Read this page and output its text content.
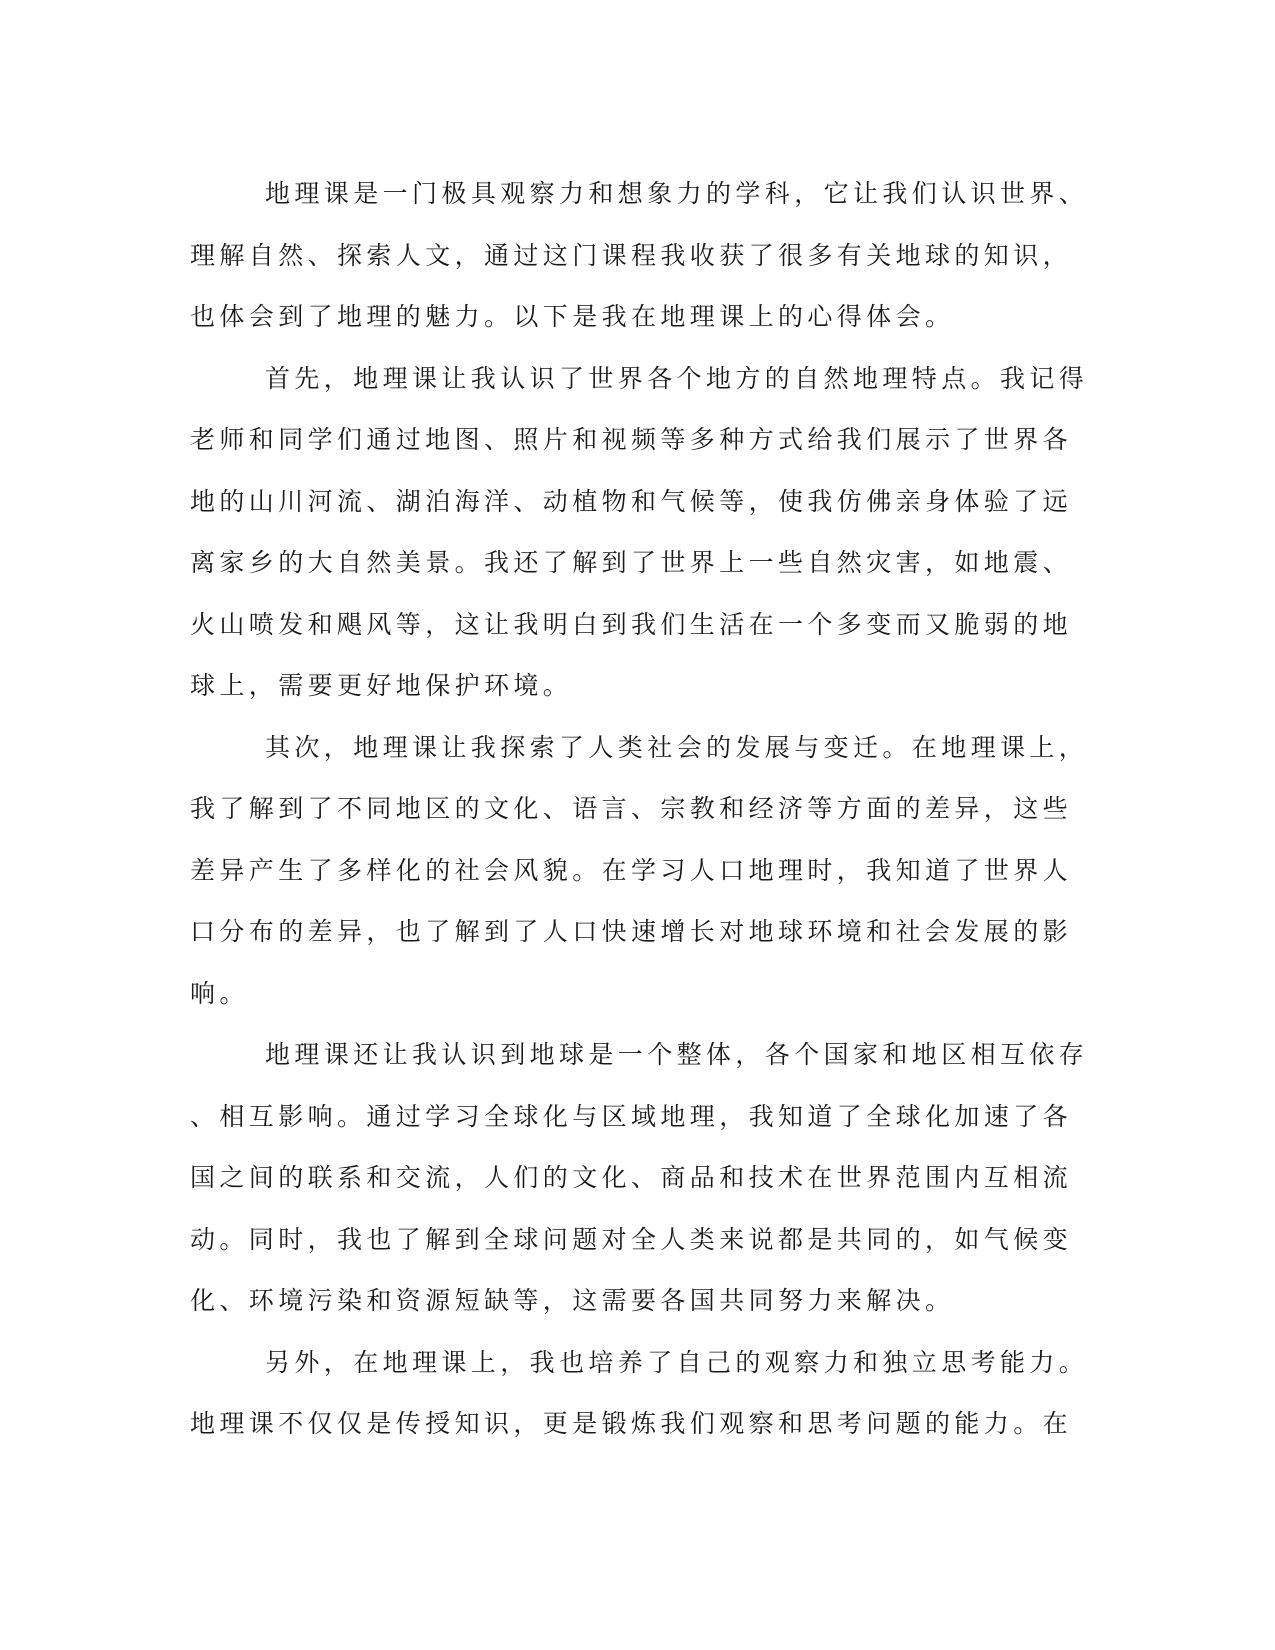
地理课是一门极具观察力和想象力的学科，它让我们认识世界、
理解自然、探索人文，通过这门课程我收获了很多有关地球的知识，
也体会到了地理的魅力。以下是我在地理课上的心得体会。
首先，地理课让我认识了世界各个地方的自然地理特点。我记得
老师和同学们通过地图、照片和视频等多种方式给我们展示了世界各
地的山川河流、湖泊海洋、动植物和气候等，使我仿佛亲身体验了远
离家乡的大自然美景。我还了解到了世界上一些自然灾害，如地震、
火山喷发和飓风等，这让我明白到我们生活在一个多变而又脆弱的地
球上，需要更好地保护环境。
其次，地理课让我探索了人类社会的发展与变迁。在地理课上，
我了解到了不同地区的文化、语言、宗教和经济等方面的差异，这些
差异产生了多样化的社会风貌。在学习人口地理时，我知道了世界人
口分布的差异，也了解到了人口快速增长对地球环境和社会发展的影
响。
地理课还让我认识到地球是一个整体，各个国家和地区相互依存
、相互影响。通过学习全球化与区域地理，我知道了全球化加速了各
国之间的联系和交流，人们的文化、商品和技术在世界范围内互相流
动。同时，我也了解到全球问题对全人类来说都是共同的，如气候变
化、环境污染和资源短缺等，这需要各国共同努力来解决。
另外，在地理课上，我也培养了自己的观察力和独立思考能力。
地理课不仅仅是传授知识，更是锻炼我们观察和思考问题的能力。在
